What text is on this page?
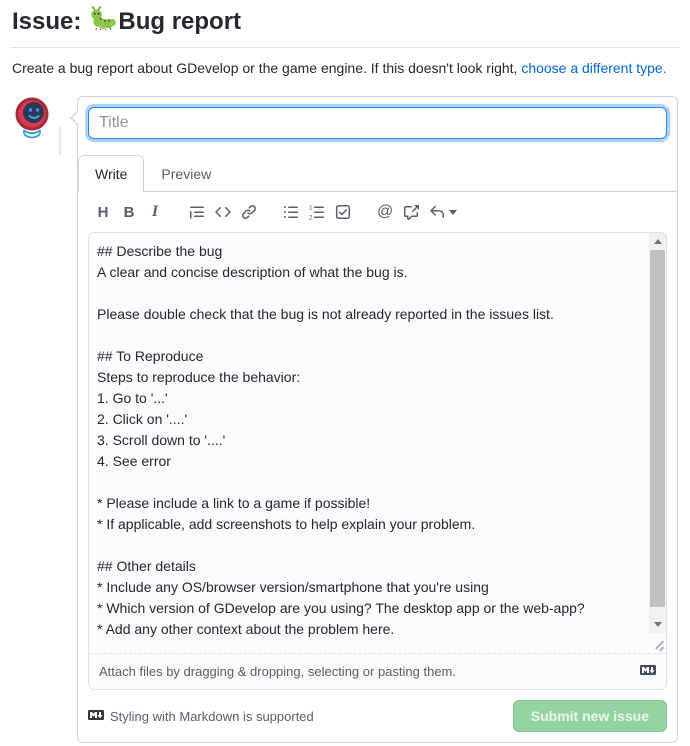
Issue: Bug report

Create a bug report about GDevelop or the game engine. If this doesn't look right, choose a different type.

Title
Write	Preview
H	B	I	1
2	@
## Describe the bug A clear and concise description of what the bug is. Please double check that the bug is not already reported in the issues list. ## To Reproduce Steps to reproduce the behavior: 1. Go to '...' 2. Click on '....' 3. Scroll down to '....' 4. See error * Please include a link to a game if possible! * If applicable, add screenshots to help explain your problem. ## Other details * Include any OS/browser version/smartphone that you're using * Which version of GDevelop are you using? The desktop app or the web-app? * Add any other context about the problem here.
Attach files by dragging & dropping, selecting or pasting them.
Styling with Markdown is supported	Submit new issue
